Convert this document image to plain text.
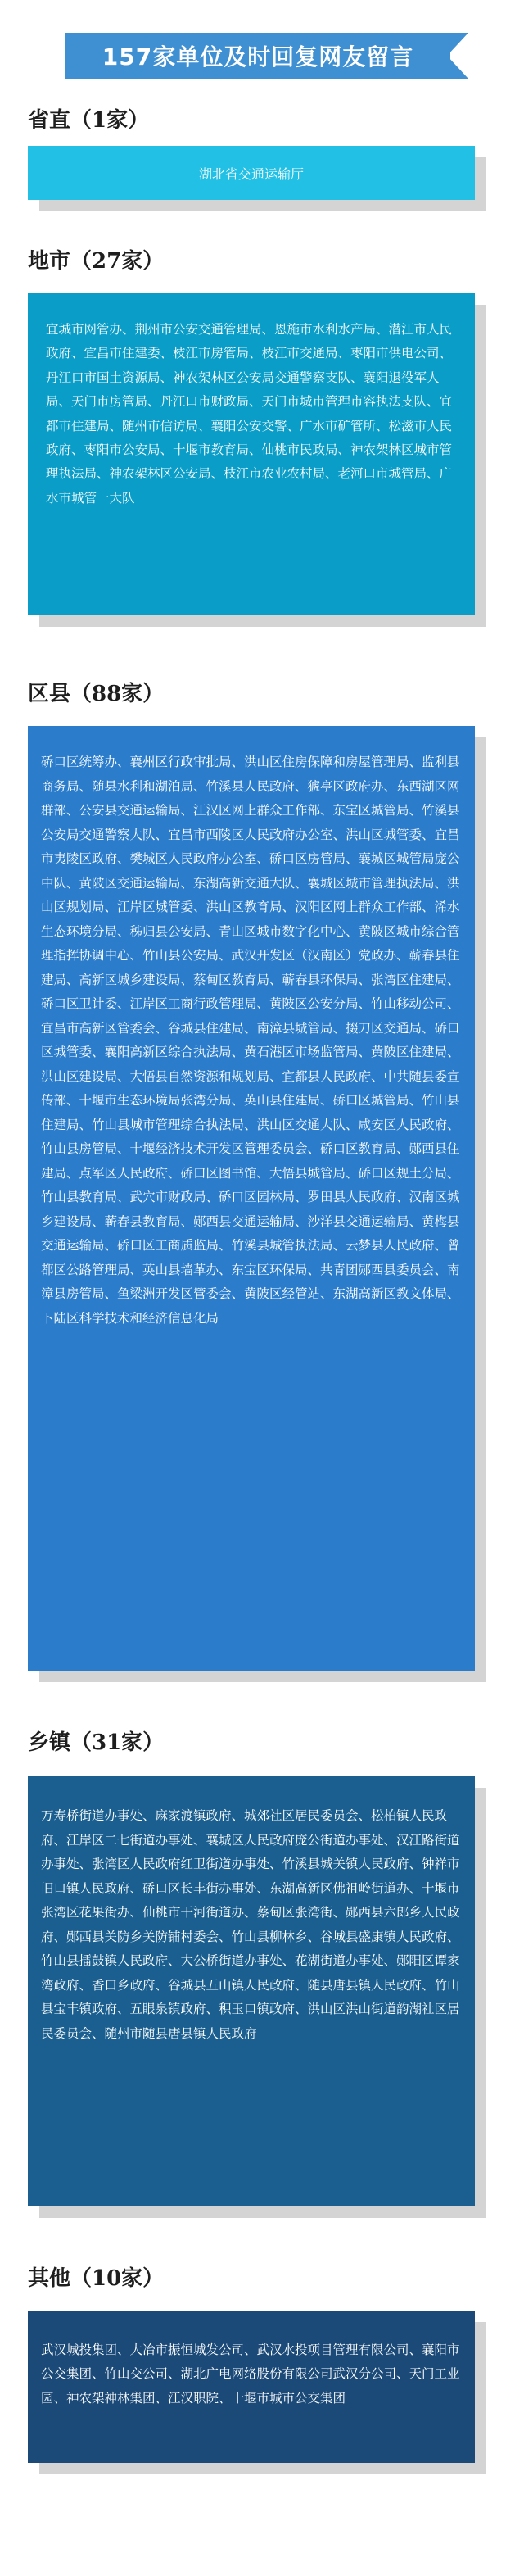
157家单位及时回复网友留言
省直（1家）
湖北省交通运输厅
地市（27家）
宜城市网管办、荆州市公安交通管理局、恩施市水利水产局、潜江市人民政府、宜昌市住建委、枝江市房管局、枝江市交通局、枣阳市供电公司、丹江口市国土资源局、神农架林区公安局交通警察支队、襄阳退役军人局、天门市房管局、丹江口市财政局、天门市城市管理市容执法支队、宜都市住建局、随州市信访局、襄阳公安交警、广水市矿管所、松滋市人民政府、枣阳市公安局、十堰市教育局、仙桃市民政局、神农架林区城市管理执法局、神农架林区公安局、枝江市农业农村局、老河口市城管局、广水市城管一大队
区县（88家）
硚口区统筹办、襄州区行政审批局、洪山区住房保障和房屋管理局、监利县商务局、随县水利和湖泊局、竹溪县人民政府、猇亭区政府办、东西湖区网群部、公安县交通运输局、江汉区网上群众工作部、东宝区城管局、竹溪县公安局交通警察大队、宜昌市西陵区人民政府办公室、洪山区城管委、宜昌市夷陵区政府、樊城区人民政府办公室、硚口区房管局、襄城区城管局庞公中队、黄陂区交通运输局、东湖高新交通大队、襄城区城市管理执法局、洪山区规划局、江岸区城管委、洪山区教育局、汉阳区网上群众工作部、浠水生态环境分局、秭归县公安局、青山区城市数字化中心、黄陂区城市综合管理指挥协调中心、竹山县公安局、武汉开发区（汉南区）党政办、蕲春县住建局、高新区城乡建设局、蔡甸区教育局、蕲春县环保局、张湾区住建局、硚口区卫计委、江岸区工商行政管理局、黄陂区公安分局、竹山移动公司、宜昌市高新区管委会、谷城县住建局、南漳县城管局、掇刀区交通局、硚口区城管委、襄阳高新区综合执法局、黄石港区市场监管局、黄陂区住建局、洪山区建设局、大悟县自然资源和规划局、宜都县人民政府、中共随县委宣传部、十堰市生态环境局张湾分局、英山县住建局、硚口区城管局、竹山县住建局、竹山县城市管理综合执法局、洪山区交通大队、咸安区人民政府、竹山县房管局、十堰经济技术开发区管理委员会、硚口区教育局、郧西县住建局、点军区人民政府、硚口区图书馆、大悟县城管局、硚口区规土分局、竹山县教育局、武穴市财政局、硚口区园林局、罗田县人民政府、汉南区城乡建设局、蕲春县教育局、郧西县交通运输局、沙洋县交通运输局、黄梅县交通运输局、硚口区工商质监局、竹溪县城管执法局、云梦县人民政府、曾都区公路管理局、英山县墙革办、东宝区环保局、共青团郧西县委员会、南漳县房管局、鱼梁洲开发区管委会、黄陂区经管站、东湖高新区教文体局、下陆区科学技术和经济信息化局
乡镇（31家）
万寿桥街道办事处、麻家渡镇政府、城郊社区居民委员会、松柏镇人民政府、江岸区二七街道办事处、襄城区人民政府庞公街道办事处、汉江路街道办事处、张湾区人民政府红卫街道办事处、竹溪县城关镇人民政府、钟祥市旧口镇人民政府、硚口区长丰街办事处、东湖高新区佛祖岭街道办、十堰市张湾区花果街办、仙桃市干河街道办、蔡甸区张湾街、郧西县六郎乡人民政府、郧西县关防乡关防铺村委会、竹山县柳林乡、谷城县盛康镇人民政府、竹山县擂鼓镇人民政府、大公桥街道办事处、花湖街道办事处、郧阳区谭家湾政府、香口乡政府、谷城县五山镇人民政府、随县唐县镇人民政府、竹山县宝丰镇政府、五眼泉镇政府、积玉口镇政府、洪山区洪山街道韵湖社区居民委员会、随州市随县唐县镇人民政府
其他（10家）
武汉城投集团、大冶市振恒城发公司、武汉水投项目管理有限公司、襄阳市公交集团、竹山交公司、湖北广电网络股份有限公司武汉分公司、天门工业园、神农架神林集团、江汉职院、十堰市城市公交集团
